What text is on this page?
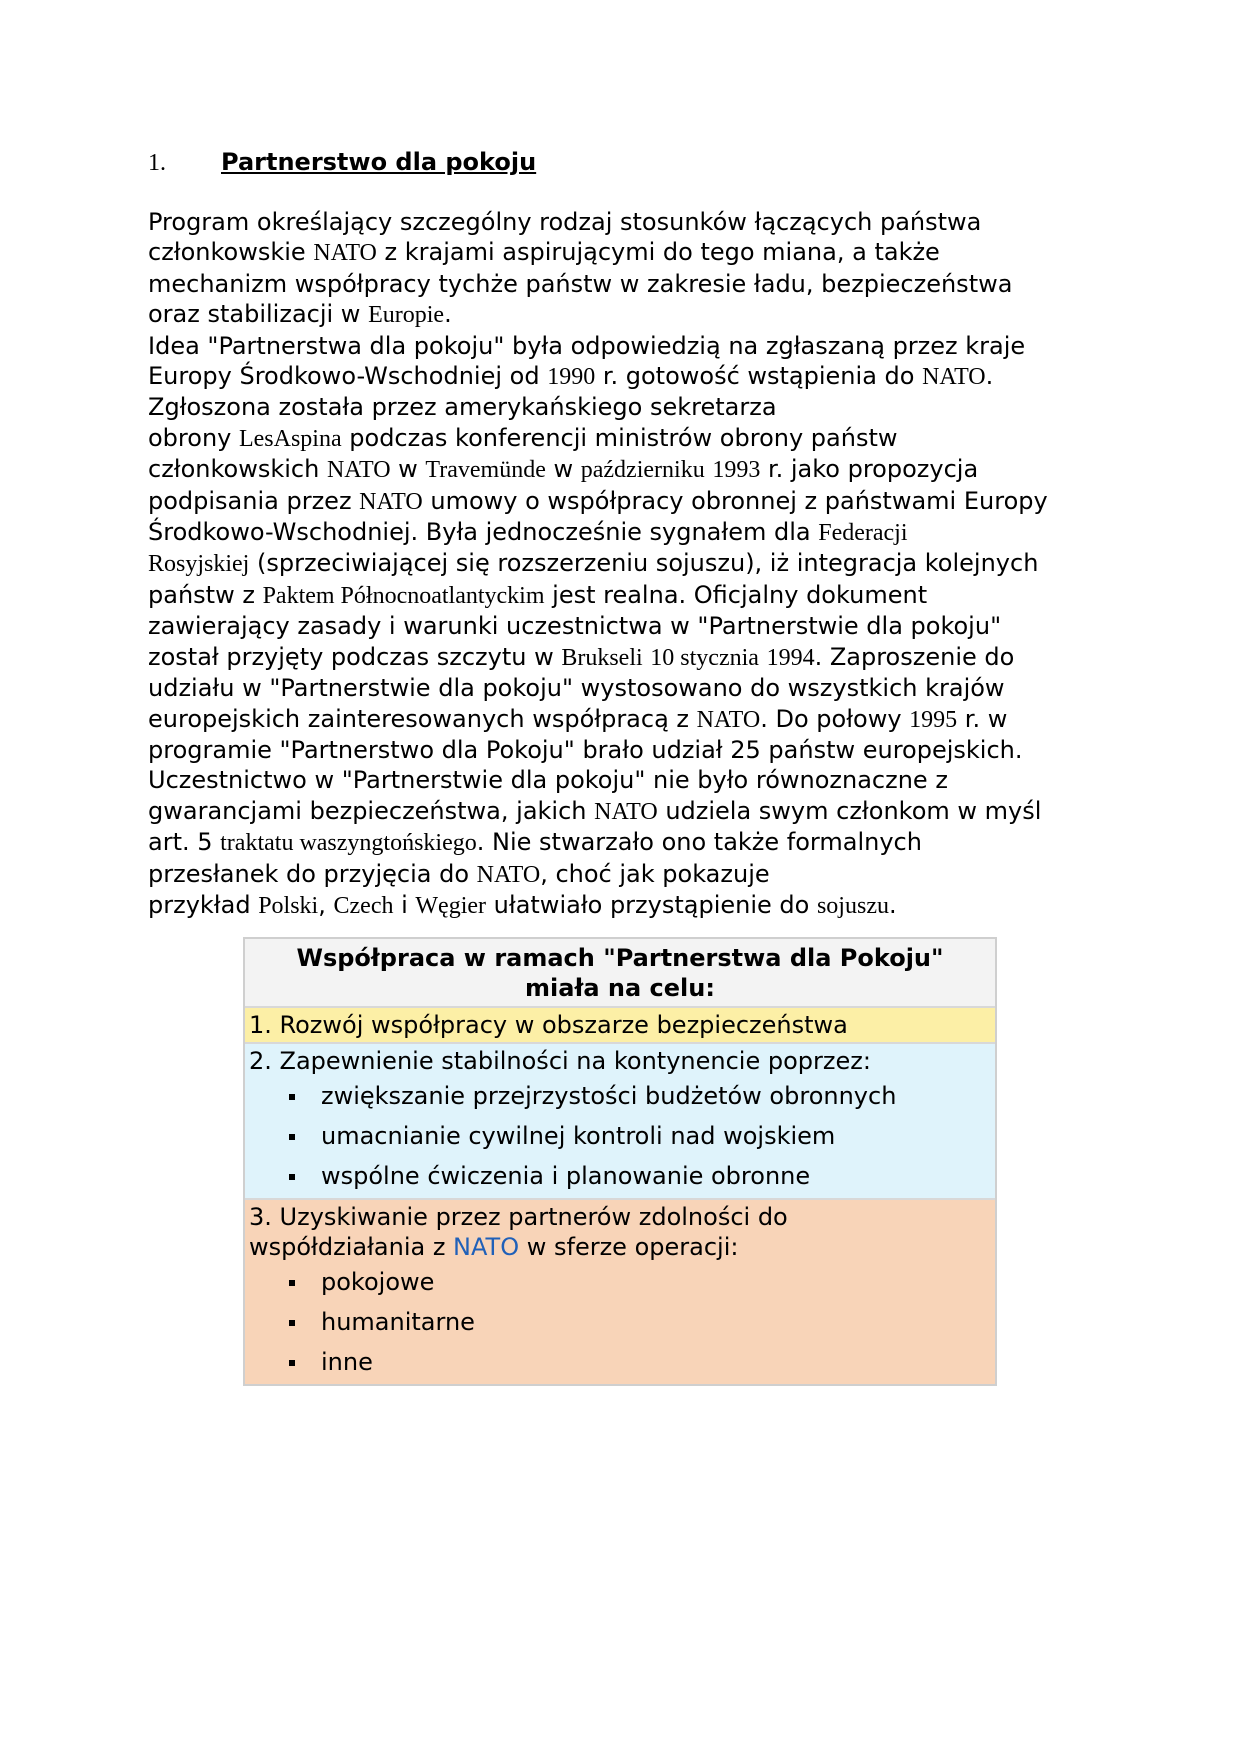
1.	Partnerstwo dla pokoju
Program określający szczególny rodzaj stosunków łączących państwa
członkowskie NATO z krajami aspirującymi do tego miana, a także
mechanizm współpracy tychże państw w zakresie ładu, bezpieczeństwa
oraz stabilizacji w Europie.
Idea "Partnerstwa dla pokoju" była odpowiedzią na zgłaszaną przez kraje
Europy Środkowo-Wschodniej od 1990 r. gotowość wstąpienia do NATO.
Zgłoszona została przez amerykańskiego sekretarza
obrony LesAspina podczas konferencji ministrów obrony państw
członkowskich NATO w Travemünde w październiku 1993 r. jako propozycja
podpisania przez NATO umowy o współpracy obronnej z państwami Europy
Środkowo-Wschodniej. Była jednocześnie sygnałem dla Federacji
Rosyjskiej (sprzeciwiającej się rozszerzeniu sojuszu), iż integracja kolejnych
państw z Paktem Północnoatlantyckim jest realna. Oficjalny dokument
zawierający zasady i warunki uczestnictwa w "Partnerstwie dla pokoju"
został przyjęty podczas szczytu w Brukseli 10 stycznia 1994. Zaproszenie do
udziału w "Partnerstwie dla pokoju" wystosowano do wszystkich krajów
europejskich zainteresowanych współpracą z NATO. Do połowy 1995 r. w
programie "Partnerstwo dla Pokoju" brało udział 25 państw europejskich.
Uczestnictwo w "Partnerstwie dla pokoju" nie było równoznaczne z
gwarancjami bezpieczeństwa, jakich NATO udziela swym członkom w myśl
art. 5 traktatu waszyngtońskiego. Nie stwarzało ono także formalnych
przesłanek do przyjęcia do NATO, choć jak pokazuje
przykład Polski, Czech i Węgier ułatwiało przystąpienie do sojuszu.
Współpraca w ramach "Partnerstwa dla Pokoju"
miała na celu:
1. Rozwój współpracy w obszarze bezpieczeństwa
2. Zapewnienie stabilności na kontynencie poprzez:
zwiększanie przejrzystości budżetów obronnych
umacnianie cywilnej kontroli nad wojskiem
wspólne ćwiczenia i planowanie obronne
3. Uzyskiwanie przez partnerów zdolności do
współdziałania z NATO w sferze operacji:
pokojowe
humanitarne
inne
